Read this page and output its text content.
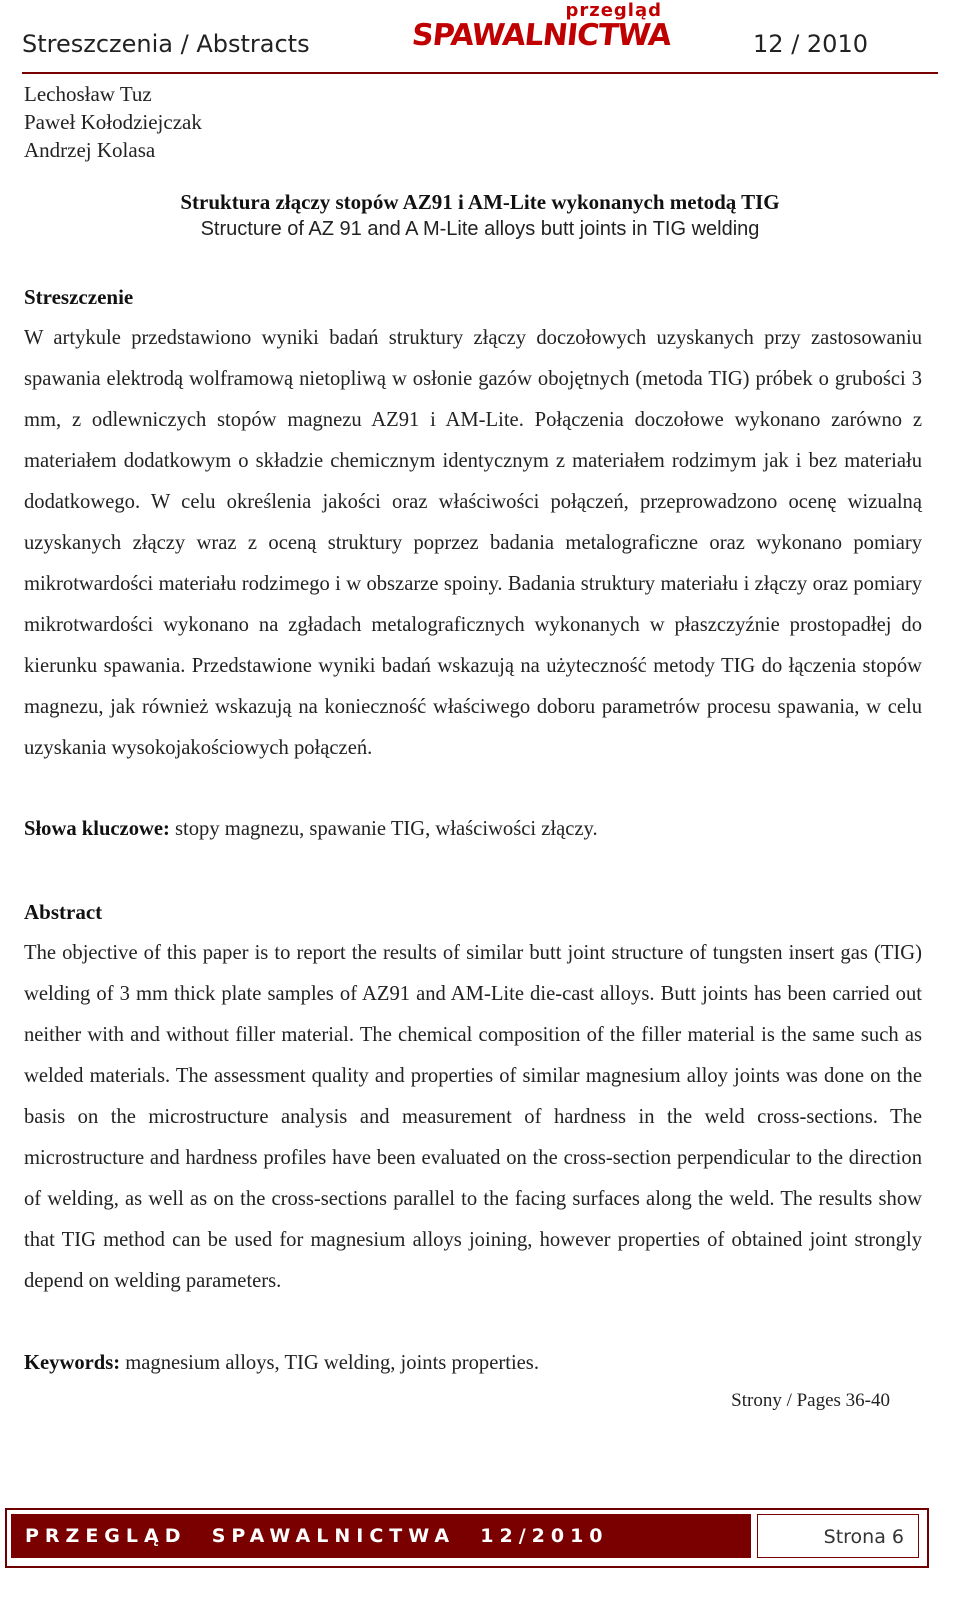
Streszczenia / Abstracts
przegląd
SPAWALNICTWA	12 / 2010
Lechosław Tuz
Paweł Kołodziejczak
Andrzej Kolasa
Struktura złączy stopów AZ91 i AM-Lite wykonanych metodą TIG
Structure of AZ 91 and A M-Lite alloys butt joints in TIG welding
Streszczenie
W artykule przedstawiono wyniki badań struktury złączy doczołowych uzyskanych przy zastosowaniu spawania elektrodą wolframową nietopliwą w osłonie gazów obojętnych (metoda TIG) próbek o grubości 3 mm, z odlewniczych stopów magnezu AZ91 i AM-Lite. Połączenia doczołowe wykonano zarówno z materiałem dodatkowym o składzie chemicznym identycznym z materiałem rodzimym jak i bez materiału dodatkowego. W celu określenia jakości oraz właściwości połączeń, przeprowadzono ocenę wizualną uzyskanych złączy wraz z oceną struktury poprzez badania metalograficzne oraz wykonano pomiary mikrotwardości materiału rodzimego i w obszarze spoiny. Badania struktury materiału i złączy oraz pomiary mikrotwardości wykonano na zgładach metalograficznych wykonanych w płaszczyźnie prostopadłej do kierunku spawania. Przedstawione wyniki badań wskazują na użyteczność metody TIG do łączenia stopów magnezu, jak również wskazują na konieczność właściwego doboru parametrów procesu spawania, w celu uzyskania wysokojakościowych połączeń.
Słowa kluczowe: stopy magnezu, spawanie TIG, właściwości złączy.
Abstract
The objective of this paper is to report the results of similar butt joint structure of tungsten insert gas (TIG) welding of 3 mm thick plate samples of AZ91 and AM-Lite die-cast alloys. Butt joints has been carried out neither with and without filler material. The chemical composition of the filler material is the same such as welded materials. The assessment quality and properties of similar magnesium alloy joints was done on the basis on the microstructure analysis and measurement of hardness in the weld cross-sections. The microstructure and hardness profiles have been evaluated on the cross-section perpendicular to the direction of welding, as well as on the cross-sections parallel to the facing surfaces along the weld. The results show that TIG method can be used for magnesium alloys joining, however properties of obtained joint strongly depend on welding parameters.
Keywords: magnesium alloys, TIG welding, joints properties.
Strony / Pages 36-40
PRZEGLĄD  SPAWALNICTWA  12/2010	Strona 6
